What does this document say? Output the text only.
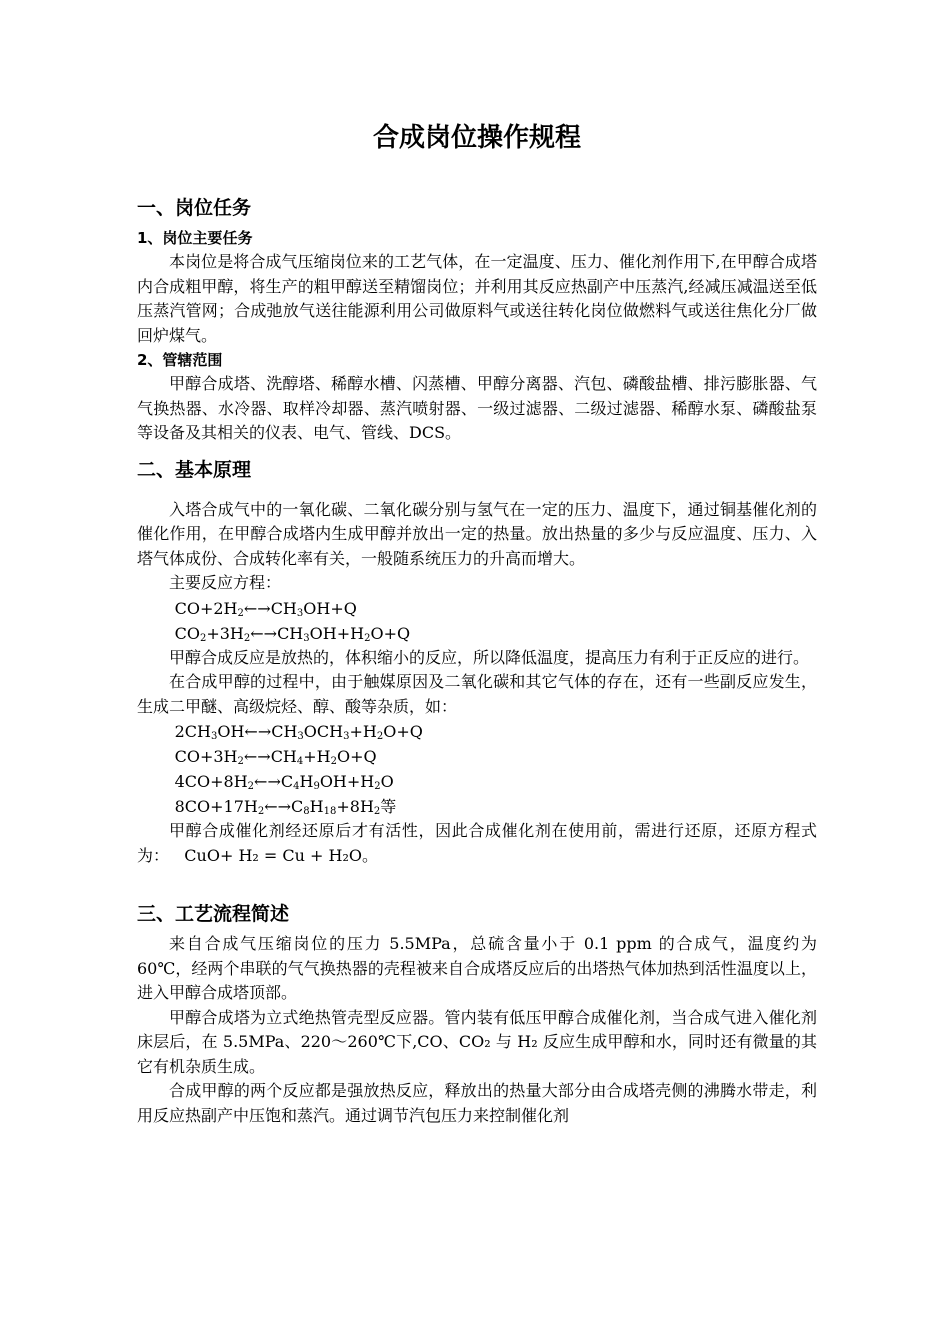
合成岗位操作规程
一、岗位任务
1、岗位主要任务

本岗位是将合成气压缩岗位来的工艺气体，在一定温度、压力、催化剂作用下,在甲醇合成塔内合成粗甲醇，将生产的粗甲醇送至精馏岗位；并利用其反应热副产中压蒸汽,经减压减温送至低压蒸汽管网；合成弛放气送往能源利用公司做原料气或送往转化岗位做燃料气或送往焦化分厂做回炉煤气。

2、管辖范围

甲醇合成塔、洗醇塔、稀醇水槽、闪蒸槽、甲醇分离器、汽包、磷酸盐槽、排污膨胀器、气气换热器、水冷器、取样冷却器、蒸汽喷射器、一级过滤器、二级过滤器、稀醇水泵、磷酸盐泵等设备及其相关的仪表、电气、管线、DCS。

二、基本原理

入塔合成气中的一氧化碳、二氧化碳分别与氢气在一定的压力、温度下，通过铜基催化剂的催化作用，在甲醇合成塔内生成甲醇并放出一定的热量。放出热量的多少与反应温度、压力、入塔气体成份、合成转化率有关，一般随系统压力的升高而增大。

主要反应方程：

$CO+2H_2\leftarrow\to CH_3OH+Q$
$CO_2+3H_2\leftarrow\to CH_3OH+H_2O+Q$

甲醇合成反应是放热的，体积缩小的反应，所以降低温度，提高压力有利于正反应的进行。

在合成甲醇的过程中，由于触媒原因及二氧化碳和其它气体的存在，还有一些副反应发生，生成二甲醚、高级烷烃、醇、酸等杂质，如：

$2CH_3OH\leftarrow\to CH_3OCH_3+H_2O+Q$
$CO+3H_2\leftarrow\to CH_4+H_2O+Q$
$4CO+8H_2\leftarrow\to C_4H_9OH+H_2O$
$8CO+17H_2\leftarrow\to C_8H_{18}+8H_2$等

甲醇合成催化剂经还原后才有活性，因此合成催化剂在使用前，需进行还原，还原方程式为： CuO+ H₂ = Cu + H₂O。

三、工艺流程简述

来自合成气压缩岗位的压力 5.5MPa，总硫含量小于 0.1 ppm 的合成气，温度约为 60℃，经两个串联的气气换热器的壳程被来自合成塔反应后的出塔热气体加热到活性温度以上，进入甲醇合成塔顶部。

甲醇合成塔为立式绝热管壳型反应器。管内装有低压甲醇合成催化剂，当合成气进入催化剂床层后，在 5.5MPa、220～260℃下,CO、CO₂ 与 H₂ 反应生成甲醇和水，同时还有微量的其它有机杂质生成。

合成甲醇的两个反应都是强放热反应，释放出的热量大部分由合成塔壳侧的沸腾水带走，利用反应热副产中压饱和蒸汽。通过调节汽包压力来控制催化剂
